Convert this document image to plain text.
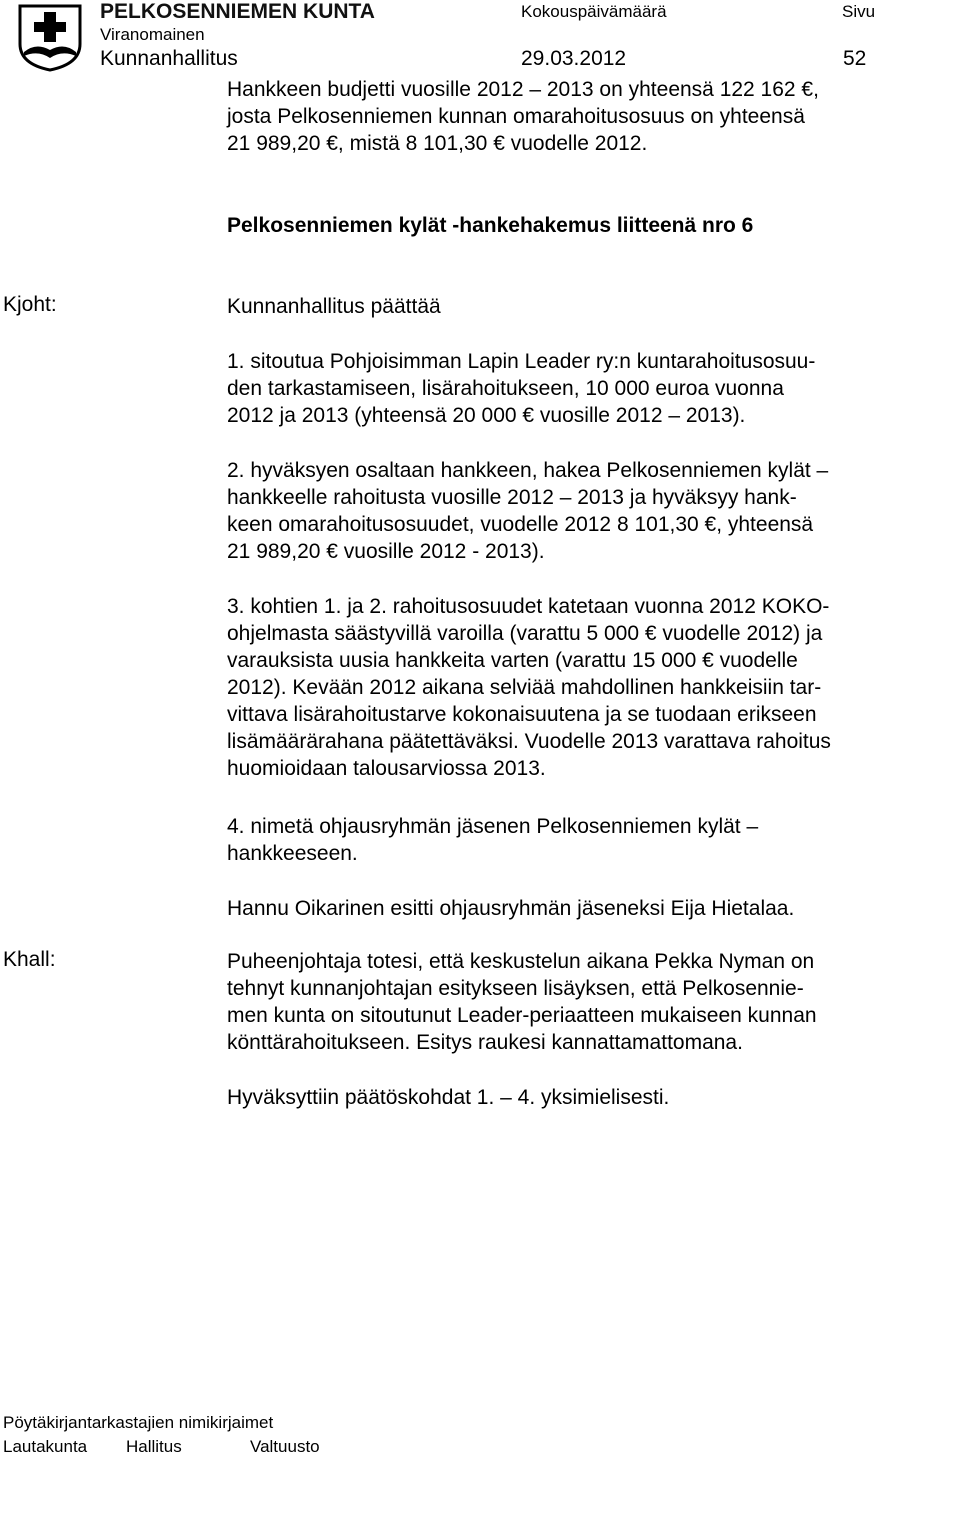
PELKOSENNIEMEN KUNTA
Viranomainen
Kunnanhallitus
Kokouspäivämäärä
29.03.2012
Sivu
52
Hankkeen budjetti vuosille 2012 – 2013 on yhteensä 122 162 €,
josta Pelkosenniemen kunnan omarahoitusosuus on yhteensä
21 989,20 €, mistä 8 101,30 € vuodelle 2012.
Pelkosenniemen kylät -hankehakemus liitteenä nro 6
Kjoht:	Kunnanhallitus päättää
1. sitoutua Pohjoisimman Lapin Leader ry:n kuntarahoitusosuu-
den tarkastamiseen, lisärahoitukseen, 10 000 euroa vuonna
2012 ja 2013 (yhteensä 20 000 € vuosille 2012 – 2013).
2. hyväksyen osaltaan hankkeen, hakea Pelkosenniemen kylät –
hankkeelle rahoitusta vuosille 2012 – 2013 ja hyväksyy hank-
keen omarahoitusosuudet, vuodelle 2012 8 101,30 €, yhteensä
21 989,20 € vuosille 2012 - 2013).
3. kohtien 1. ja 2. rahoitusosuudet katetaan vuonna 2012 KOKO-
ohjelmasta säästyvillä varoilla (varattu 5 000 € vuodelle 2012) ja
varauksista uusia hankkeita varten (varattu 15 000 € vuodelle
2012). Kevään 2012 aikana selviää mahdollinen hankkeisiin tar-
vittava lisärahoitustarve kokonaisuutena ja se tuodaan erikseen
lisämäärärahana päätettäväksi. Vuodelle 2013 varattava rahoitus
huomioidaan talousarviossa 2013.
4. nimetä ohjausryhmän jäsenen Pelkosenniemen kylät –
hankkeeseen.
Hannu Oikarinen esitti ohjausryhmän jäseneksi Eija Hietalaa.
Khall:	Puheenjohtaja totesi, että keskustelun aikana Pekka Nyman on
tehnyt kunnanjohtajan esitykseen lisäyksen, että Pelkosennie-
men kunta on sitoutunut Leader-periaatteen mukaiseen kunnan
könttärahoitukseen. Esitys raukesi kannattamattomana.
Hyväksyttiin päätöskohdat 1. – 4. yksimielisesti.
Pöytäkirjantarkastajien nimikirjaimet
Lautakunta Hallitus	Valtuusto
